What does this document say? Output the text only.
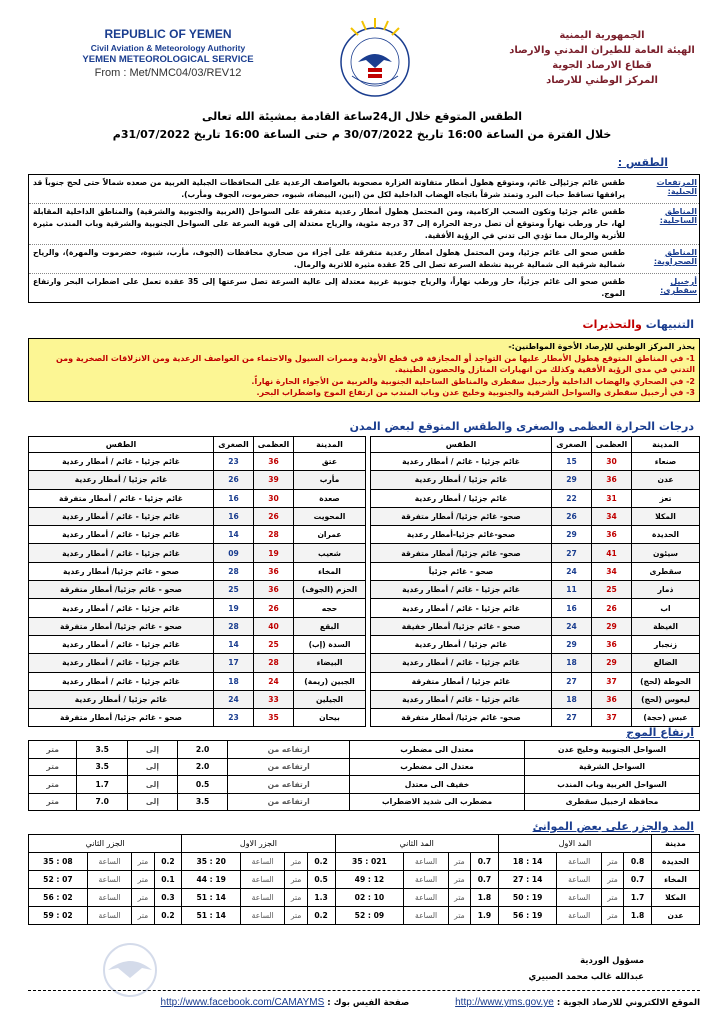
REPUBLIC OF YEMEN
Civil Aviation & Meteorology Authority
YEMEN METEOROLOGICAL SERVICE
From : Met/NMC04/03/REV12
الجمهورية اليمنية
الهيئة العامة للطيران المدني والارصاد
قطاع الارصاد الجوية
المركز الوطني للارصاد
الطقس المتوقع خلال ال24ساعة القادمة بمشيئة الله تعالى
خلال الفترة من الساعة 16:00 تاريخ 30/07/2022 م حتى الساعة 16:00 تاريخ 31/07/2022م
الطقس :
المرتفعات الجبلية:
طقس غائم جزئيإلى غائم، ومتوقع هطول أمطار متفاوتة الغزارة مصحوبة بالعواصف الرعدية على المحافظات الجبلية الغربية من صعده شمالاً حتى لحج جنوباً قد يرافقها تساقط حبات البرد وتمتد شرقاً باتجاه الهضاب الداخلية لكل من (ابين، البيضاء، شبوه، حضرموت، الجوف ومأرب).
المناطق الساحلية:
طقس غائم جزئيا وتكون السحب الركامية، ومن المحتمل هطول أمطار رعدية متفرقة على السواحل (الغربية والجنوبية والشرقية) والمناطق الداخلية المقابلة لها، حار ورطب نهاراً ومتوقع أن تصل درجة الحرارة إلى 37 درجة مئوية، والرياح معتدلة إلى قوية السرعة على السواحل الجنوبية والشرقية وباب المندب مثيرة للأتربة والرمال مما تؤدي الى تدني في الرؤية الأفقية.
المناطق الصحراوية:
طقس صحو الى غائم جزئيا، ومن المحتمل هطول امطار رعدية متفرقة على أجزاء من صحاري محافظات (الجوف، مأرب، شبوة، حضرموت والمهرة)، والرياح شمالية شرقية الى شمالية غربية نشطة السرعة تصل الى 25 عقدة مثيرة للاتربة والرمال.
أرخبيل سقطرى:
طقس صحو الى غائم جزئياً، حار ورطب نهاراً، والرياح جنوبية غربية معتدلة إلى عالية السرعة تصل سرعتها إلى 35 عقدة تعمل على اضطراب البحر وارتفاع الموج.
التنبيهات والتحذيرات
يحذر المركز الوطني للإرصاد الأخوة المواطنين:-
1- في المناطق المتوقع هطول الأمطار عليها من التواجد أو المجازفة في قطع الأودية وممرات السيول والاحتماء من العواصف الرعدية ومن الانزلاقات الصخرية ومن التدني في مدى الرؤية الأفقية وكذلك من انهيارات المنازل والحصون الطينية.
2- في الصحاري والهضاب الداخلية وأرخبيل سقطرى والمناطق الساحلية الجنوبية والغربية من الأجواء الحارة نهاراً.
3- في أرخبيل سقطرى والسواحل الشرقية والجنوبية وخليج عدن وباب المندب من ارتفاع الموج واضطراب البحر.
درجات الحرارة العظمى والصغرى والطقس المتوقع لبعض المدن
المدينة	العظمى	الصغرى	الطقس
صنعاء	30	15	غائم جزئيا - غائم / أمطار رعدية
عدن	36	29	غائم جزئيا / أمطار رعدية
تعز	31	22	غائم جزئيا / أمطار رعدية
المكلا	34	26	صحو- غائم جزئيا/ أمطار متفرقة
الحديدة	36	29	صحو-غائم جزئيا-أمطار رعدية
سيئون	41	27	صحو- غائم جزئيا/ أمطار متفرقة
سقطرى	34	24	صحو - غائم جزئياً
ذمار	25	11	غائم جزئيا - غائم / أمطار رعدية
اب	26	16	غائم جزئيا - غائم / أمطار رعدية
الغيظة	29	24	صحو - غائم جزئيا/ أمطار خفيفة
زنجبار	36	29	غائم جزئيا / أمطار رعدية
الضالع	29	18	غائم جزئيا - غائم / أمطار رعدية
الحوطة (لحج)	37	27	غائم جزئيا / أمطار متفرقة
ليعوس (لحج)	36	18	غائم جزئيا - غائم / أمطار رعدية
عبس (حجة)	37	27	صحو- غائم جزئيا/ أمطار متفرقة
المدينة	العظمى	الصغرى	الطقس
عتق	36	23	غائم جزئيا - غائم / أمطار رعدية
مأرب	39	26	غائم جزئيا / أمطار رعدية
صعدة	30	16	غائم جزئيا - غائم / أمطار متفرقة
المحويت	26	16	غائم جزئيا - غائم / أمطار رعدية
عمران	28	14	غائم جزئيا - غائم / أمطار رعدية
شعيب	19	09	غائم جزئيا - غائم / أمطار رعدية
المخاء	36	28	صحو - غائم جزئيا/ أمطار رعدية
الحزم (الجوف)	36	25	صحو - غائم جزئيا/ أمطار متفرقة
حجه	26	19	غائم جزئيا - غائم / أمطار رعدية
البقع	40	28	صحو - غائم جزئيا/ أمطار متفرقة
السدة (إب)	25	14	غائم جزئيا - غائم / أمطار رعدية
البيضاء	28	17	غائم جزئيا - غائم / أمطار رعدية
الجبين (ريمة)	24	18	غائم جزئيا - غائم / أمطار رعدية
الجيلين	33	24	غائم جزئيا / أمطار رعدية
بيحان	35	23	صحو - غائم جزئيا/ أمطار متفرقة
ارتفاع الموج
السواحل الجنوبية وخليج عدن	معتدل الى مضطرب	ارتفاعه من	2.0	إلى	3.5	متر
السواحل الشرقية	معتدل الى مضطرب	ارتفاعه من	2.0	إلى	3.5	متر
السواحل الغربية وباب المندب	خفيف الى معتدل	ارتفاعه من	0.5	إلى	1.7	متر
محافظة ارخبيل سقطرى	مضطرب الى شديد الاضطراب	ارتفاعه من	3.5	إلى	7.0	متر
المد والجزر على بعض الموانئ
مدينة	المد الاول				المد الثاني				الجزر الاول				الجزر الثاني			
الحديدة	0.8	متر	الساعة	14 : 18	0.7	متر	الساعة	021 : 35	0.2	متر	الساعة	20 : 35	0.2	متر	الساعة	08 : 35
المخاء	0.7	متر	الساعة	14 : 27	0.7	متر	الساعة	12 : 49	0.5	متر	الساعة	19 : 44	0.1	متر	الساعة	07 : 52
المكلا	1.7	متر	الساعة	19 : 50	1.8	متر	الساعة	10 : 02	1.3	متر	الساعة	14 : 51	0.3	متر	الساعة	02 : 56
عدن	1.8	متر	الساعة	19 : 56	1.9	متر	الساعة	09 : 52	0.2	متر	الساعة	14 : 51	0.2	متر	الساعة	02 : 59
مسؤول الوردية
عبدالله غالب محمد الصبيري
الموقع الالكتروني للارصاد الجوية : http://www.yms.gov.ye  صفحة الفيس بوك : http://www.facebook.com/CAMAYMS
